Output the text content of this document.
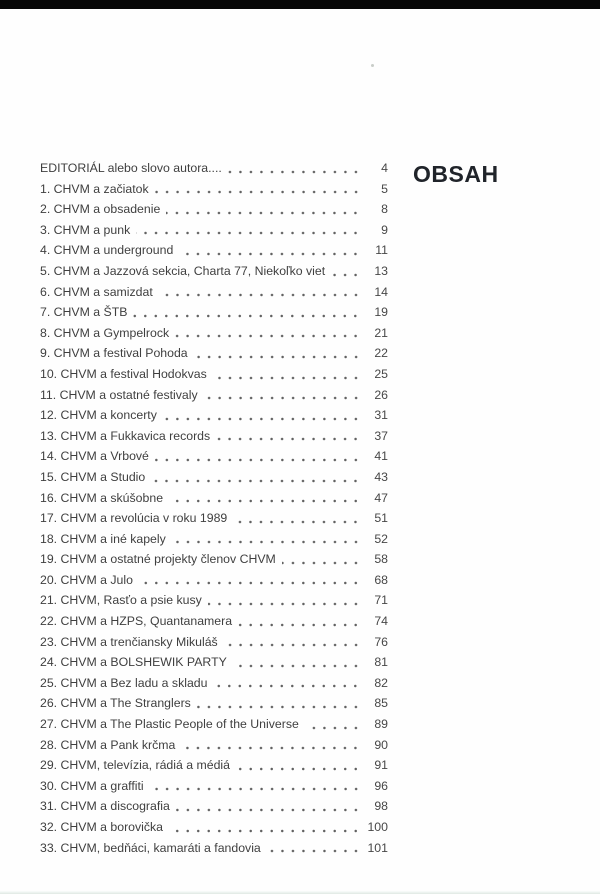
OBSAH
EDITORIÁL alebo slovo autora....	4
1. CHVM a začiatok	5
2. CHVM a obsadenie	8
3. CHVM a punk	9
4. CHVM a underground	11
5. CHVM a Jazzová sekcia, Charta 77, Niekoľko viet	13
6. CHVM a samizdat	14
7. CHVM a ŠTB	19
8. CHVM a Gympelrock	21
9. CHVM a festival Pohoda	22
10. CHVM a festival Hodokvas	25
11. CHVM a ostatné festivaly	26
12. CHVM a koncerty	31
13. CHVM a Fukkavica records	37
14. CHVM a Vrbové	41
15. CHVM a Studio	43
16. CHVM a skúšobne	47
17. CHVM a revolúcia v roku 1989	51
18. CHVM a iné kapely	52
19. CHVM a ostatné projekty členov CHVM	58
20. CHVM a Julo	68
21. CHVM, Rasťo a psie kusy	71
22. CHVM a HZPS, Quantanamera	74
23. CHVM a trenčiansky Mikuláš	76
24. CHVM a BOLSHEWIK PARTY	81
25. CHVM a Bez ladu a skladu	82
26. CHVM a The Stranglers	85
27. CHVM a The Plastic People of the Universe	89
28. CHVM a Pank krčma	90
29. CHVM, televízia, rádiá a médiá	91
30. CHVM a graffiti	96
31. CHVM a discografia	98
32. CHVM a borovička	100
33. CHVM, bedňáci, kamaráti a fandovia	101
